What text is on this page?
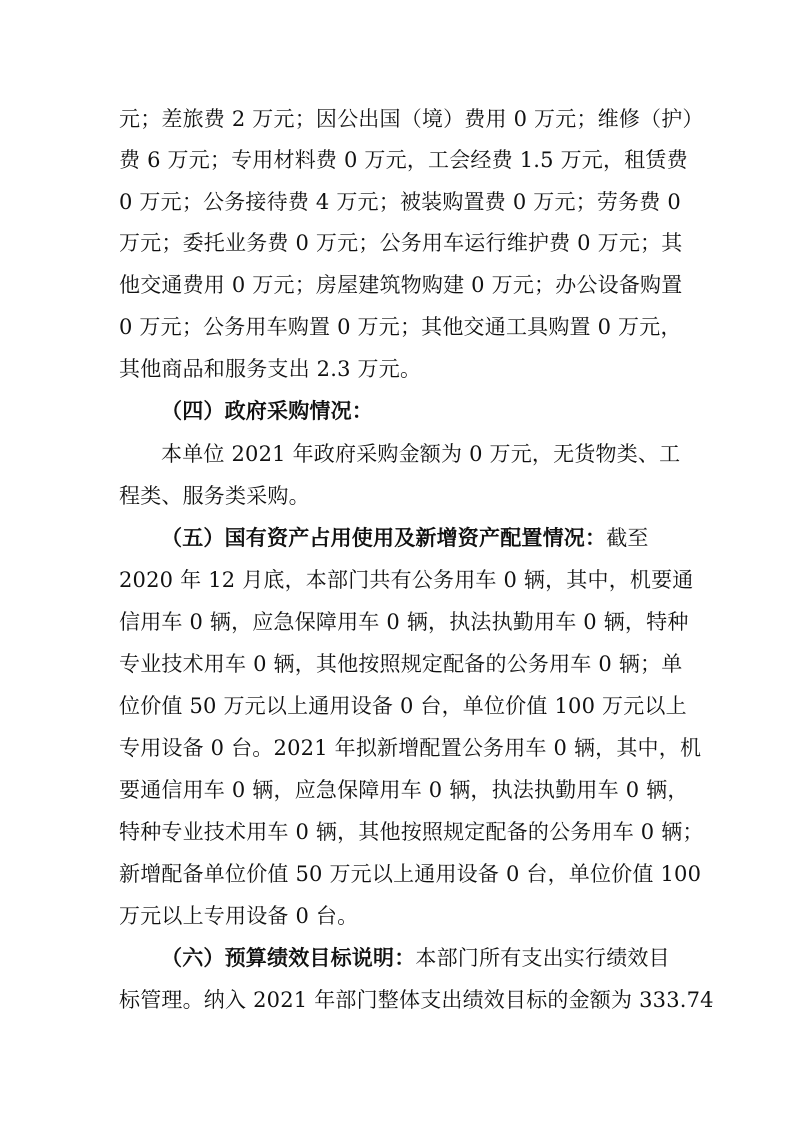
元；差旅费 2 万元；因公出国（境）费用 0 万元；维修（护）
费 6 万元；专用材料费 0 万元，工会经费 1.5 万元，租赁费
0 万元；公务接待费 4 万元；被装购置费 0 万元；劳务费 0
万元；委托业务费 0 万元；公务用车运行维护费 0 万元；其
他交通费用 0 万元；房屋建筑物购建 0 万元；办公设备购置
0 万元；公务用车购置 0 万元；其他交通工具购置 0 万元，
其他商品和服务支出 2.3 万元。
（四）政府采购情况：
本单位 2021 年政府采购金额为 0 万元，无货物类、工
程类、服务类采购。
（五）国有资产占用使用及新增资产配置情况：截至
2020 年 12 月底，本部门共有公务用车 0 辆，其中，机要通
信用车 0 辆，应急保障用车 0 辆，执法执勤用车 0 辆，特种
专业技术用车 0 辆，其他按照规定配备的公务用车 0 辆；单
位价值 50 万元以上通用设备 0 台，单位价值 100 万元以上
专用设备 0 台。2021 年拟新增配置公务用车 0 辆，其中，机
要通信用车 0 辆，应急保障用车 0 辆，执法执勤用车 0 辆，
特种专业技术用车 0 辆，其他按照规定配备的公务用车 0 辆；
新增配备单位价值 50 万元以上通用设备 0 台，单位价值 100
万元以上专用设备 0 台。
（六）预算绩效目标说明：本部门所有支出实行绩效目
标管理。纳入 2021 年部门整体支出绩效目标的金额为 333.74
